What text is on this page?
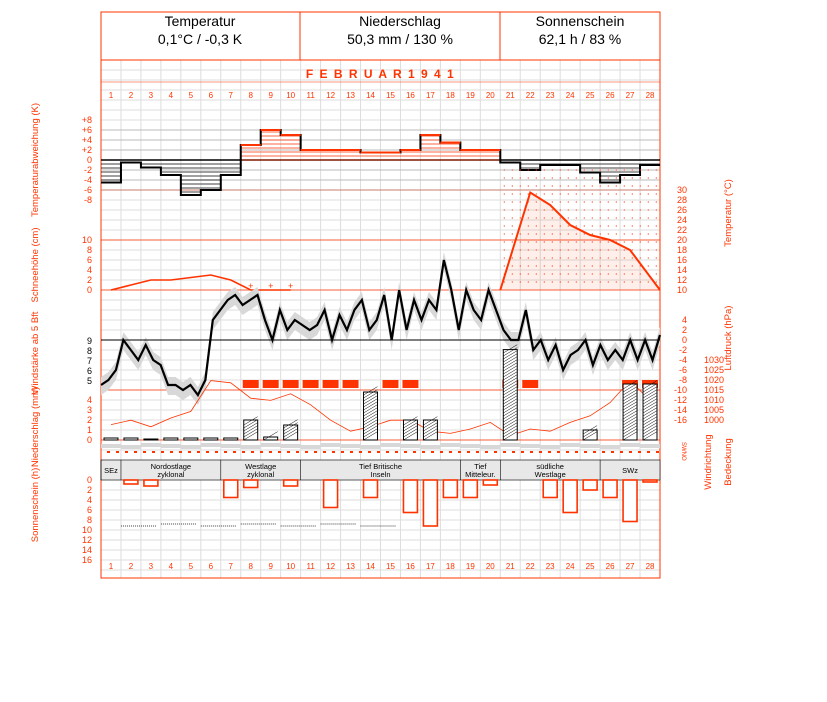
Temperatur
0,1°C / -0,3 K
Niederschlag
50,3 mm / 130 %
Sonnenschein
62,1 h / 83 %
F E B R U A R 1 9 4 1
1
1
2
2
3
3
4
4
5
5
6
6
7
7
8
8
9
9
10
10
11
11
12
12
13
13
14
14
15
15
16
16
17
17
18
18
19
19
20
20
21
21
22
22
23
23
24
24
25
25
26
26
27
27
28
28
+8
+6
+4
+2
0
-2
-4
-6
-8
10
8
6
4
2
0
9
8
7
6
5
4
3
2
1
0
0
2
4
6
8
10
12
14
16
30
28
26
24
22
20
18
16
14
12
10
4
2
0
-2
-4
-6
-8
-10
-12
-14
-16
1030
1025
1020
1015
1010
1005
1000
SWNO
Temperaturabweichung (K)
Schneehöhe (cm)
Windstärke ab 5 Bft
Niederschlag (mm)
Sonnenschein (h)
Temperatur (°C)
Luftdruck (hPa)
Windrichtung Bedeckung
+ + +
SEz	Nordostlage
zyklonal
Westlage
zyklonal
Tief Britische
Inseln
Tief
Mitteleur.
südliche
Westlage	SWz
